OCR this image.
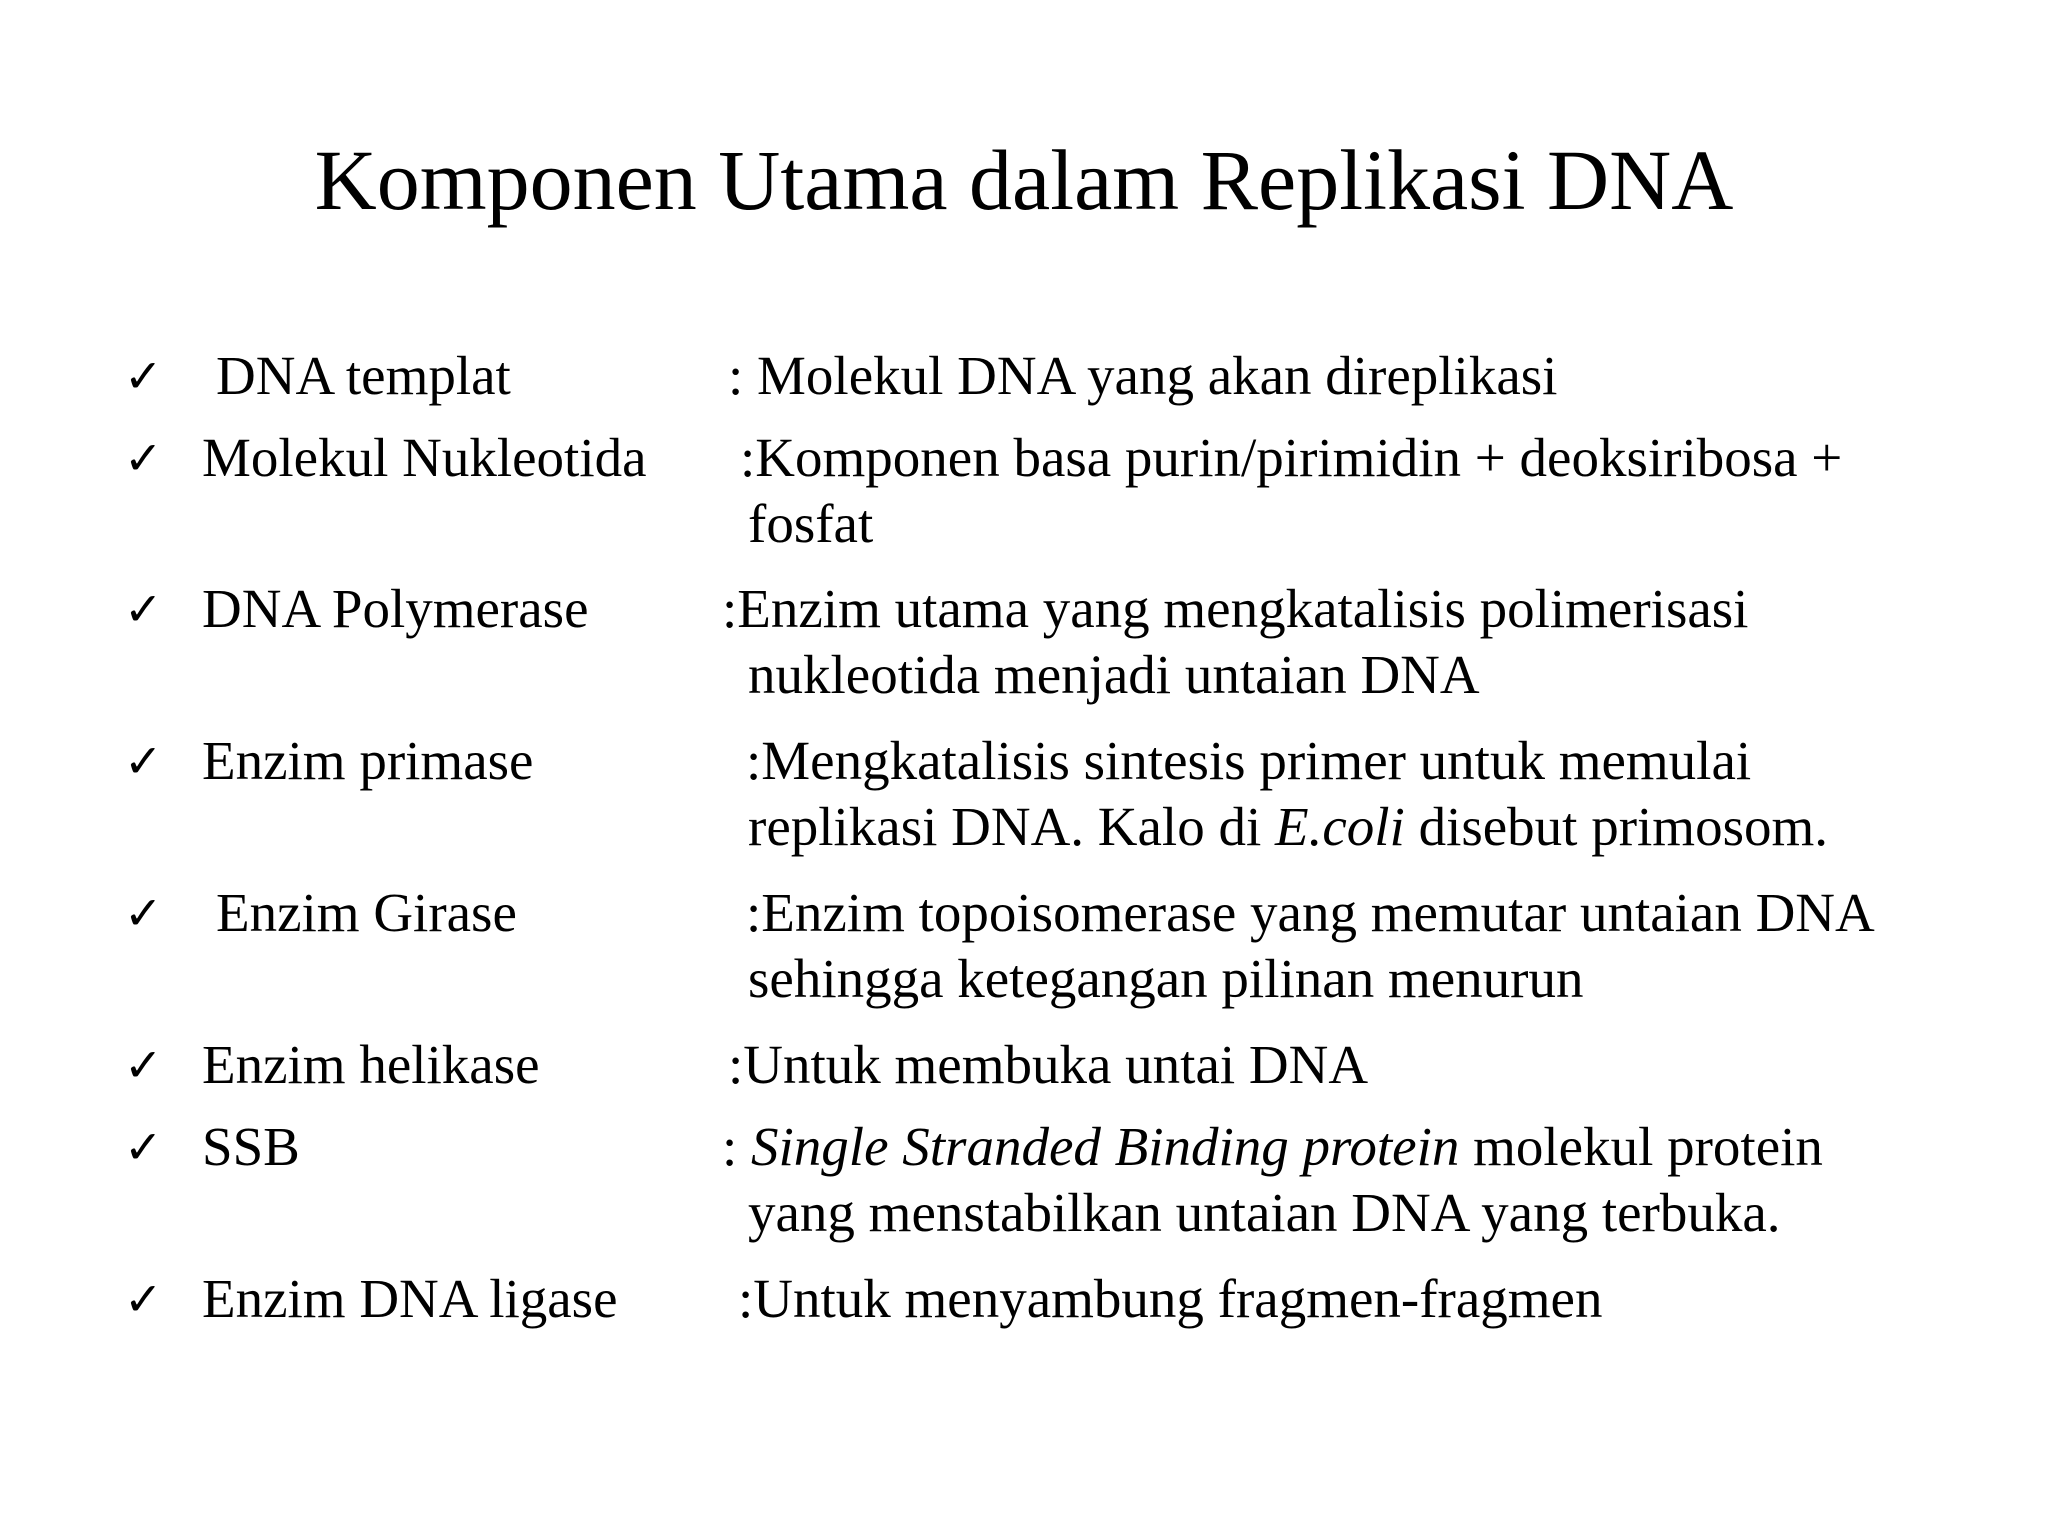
Komponen Utama dalam Replikasi DNA
✓ DNA templat	: Molekul DNA yang akan direplikasi
✓ Molekul Nukleotida :Komponen basa purin/pirimidin + deoksiribosa +
fosfat
✓ DNA Polymerase :Enzim utama yang mengkatalisis polimerisasi
nukleotida menjadi untaian DNA
✓ Enzim primase	:Mengkatalisis sintesis primer untuk memulai
replikasi DNA. Kalo di E.coli disebut primosom.
✓ Enzim Girase	:Enzim topoisomerase yang memutar untaian DNA
sehingga ketegangan pilinan menurun
✓ Enzim helikase	:Untuk membuka untai DNA
✓ SSB	: Single Stranded Binding protein molekul protein
yang menstabilkan untaian DNA yang terbuka.
✓ Enzim DNA ligase :Untuk menyambung fragmen-fragmen
